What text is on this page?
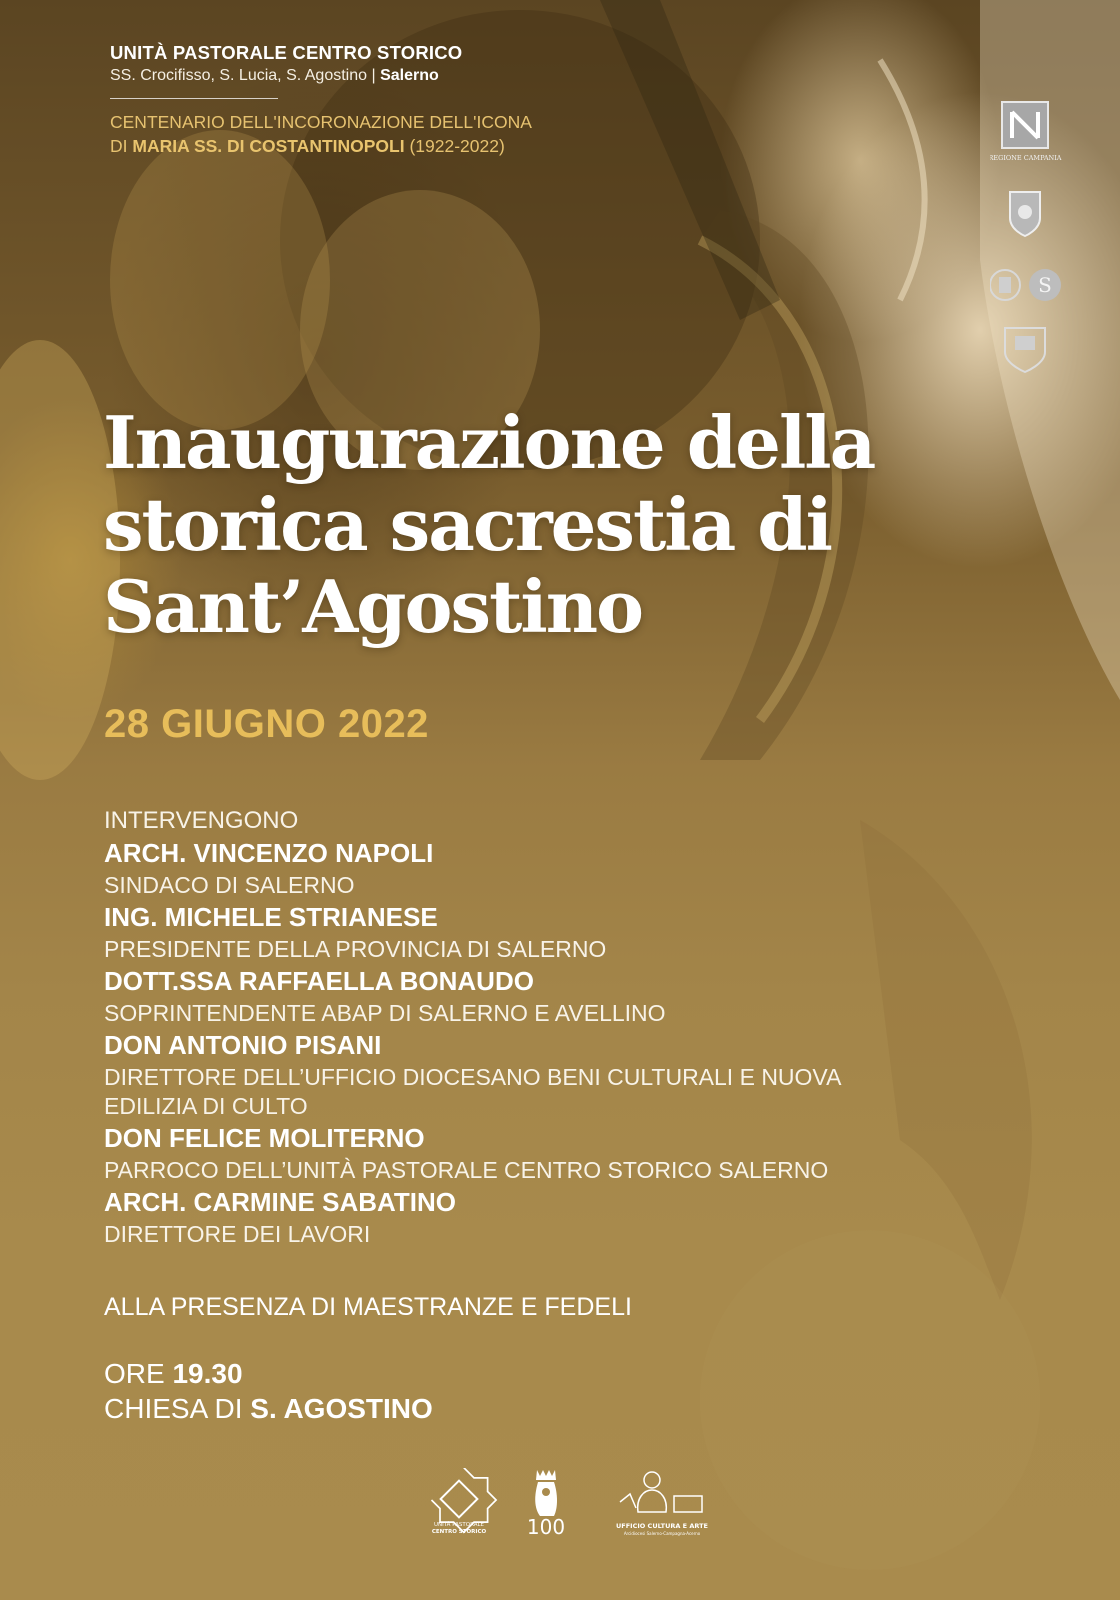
UNITÀ PASTORALE CENTRO STORICO
SS. Crocifisso, S. Lucia, S. Agostino | Salerno
CENTENARIO DELL'INCORONAZIONE DELL'ICONA
DI MARIA SS. DI COSTANTINOPOLI (1922-2022)
REGIONE CAMPANIA
S
Inaugurazione della
storica sacrestia di
Sant’Agostino
28 GIUGNO 2022
INTERVENGONO
ARCH. VINCENZO NAPOLI
SINDACO DI SALERNO
ING. MICHELE STRIANESE
PRESIDENTE DELLA PROVINCIA DI SALERNO
DOTT.SSA RAFFAELLA BONAUDO
SOPRINTENDENTE ABAP DI SALERNO E AVELLINO
DON ANTONIO PISANI
DIRETTORE DELL’UFFICIO DIOCESANO BENI CULTURALI E NUOVA
EDILIZIA DI CULTO
DON FELICE MOLITERNO
PARROCO DELL’UNITÀ PASTORALE CENTRO STORICO SALERNO
ARCH. CARMINE SABATINO
DIRETTORE DEI LAVORI
ALLA PRESENZA DI MAESTRANZE E FEDELI
ORE 19.30
CHIESA DI S. AGOSTINO
UNITÀ PASTORALE
CENTRO STORICO 100	UFFICIO CULTURA E ARTE
Arcidiocesi Salerno-Campagna-Acerno
